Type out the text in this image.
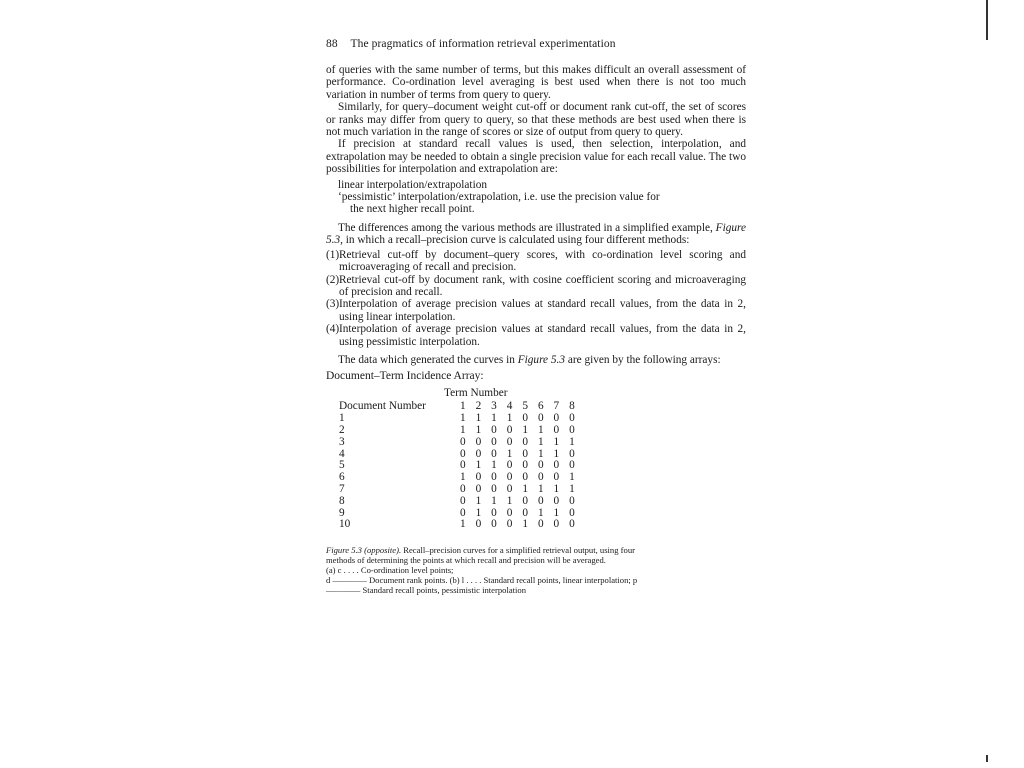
88 The pragmatics of information retrieval experimentation

of queries with the same number of terms, but this makes difficult an overall assessment of performance. Co-ordination level averaging is best used when there is not too much variation in number of terms from query to query.

Similarly, for query–document weight cut-off or document rank cut-off, the set of scores or ranks may differ from query to query, so that these methods are best used when there is not much variation in the range of scores or size of output from query to query.

If precision at standard recall values is used, then selection, interpolation, and extrapolation may be needed to obtain a single precision value for each recall value. The two possibilities for interpolation and extrapolation are:

linear interpolation/extrapolation
‘pessimistic’ interpolation/extrapolation, i.e. use the precision value for
the next higher recall point.

The differences among the various methods are illustrated in a simplified example, Figure 5.3, in which a recall–precision curve is calculated using four different methods:

(1) Retrieval cut-off by document–query scores, with co-ordination level scoring and microaveraging of recall and precision.
(2) Retrieval cut-off by document rank, with cosine coefficient scoring and microaveraging of precision and recall.
(3) Interpolation of average precision values at standard recall values, from the data in 2, using linear interpolation.
(4) Interpolation of average precision values at standard recall values, from the data in 2, using pessimistic interpolation.

The data which generated the curves in Figure 5.3 are given by the following arrays:

Document–Term Incidence Array:
Term Number								
Document Number	1	2	3	4	5	6	7	8
1	1	1	1	1	0	0	0	0
2	1	1	0	0	1	1	0	0
3	0	0	0	0	0	1	1	1
4	0	0	0	1	0	1	1	0
5	0	1	1	0	0	0	0	0
6	1	0	0	0	0	0	0	1
7	0	0	0	0	1	1	1	1
8	0	1	1	1	0	0	0	0
9	0	1	0	0	0	1	1	0
10	1	0	0	0	1	0	0	0
Figure 5.3 (opposite). Recall–precision curves for a simplified retrieval output, using four methods of determining the points at which recall and precision will be averaged.
(a) c . . . . Co-ordination level points;
d ———— Document rank points. (b) l . . . . Standard recall points, linear interpolation; p———— Standard recall points, pessimistic interpolation
